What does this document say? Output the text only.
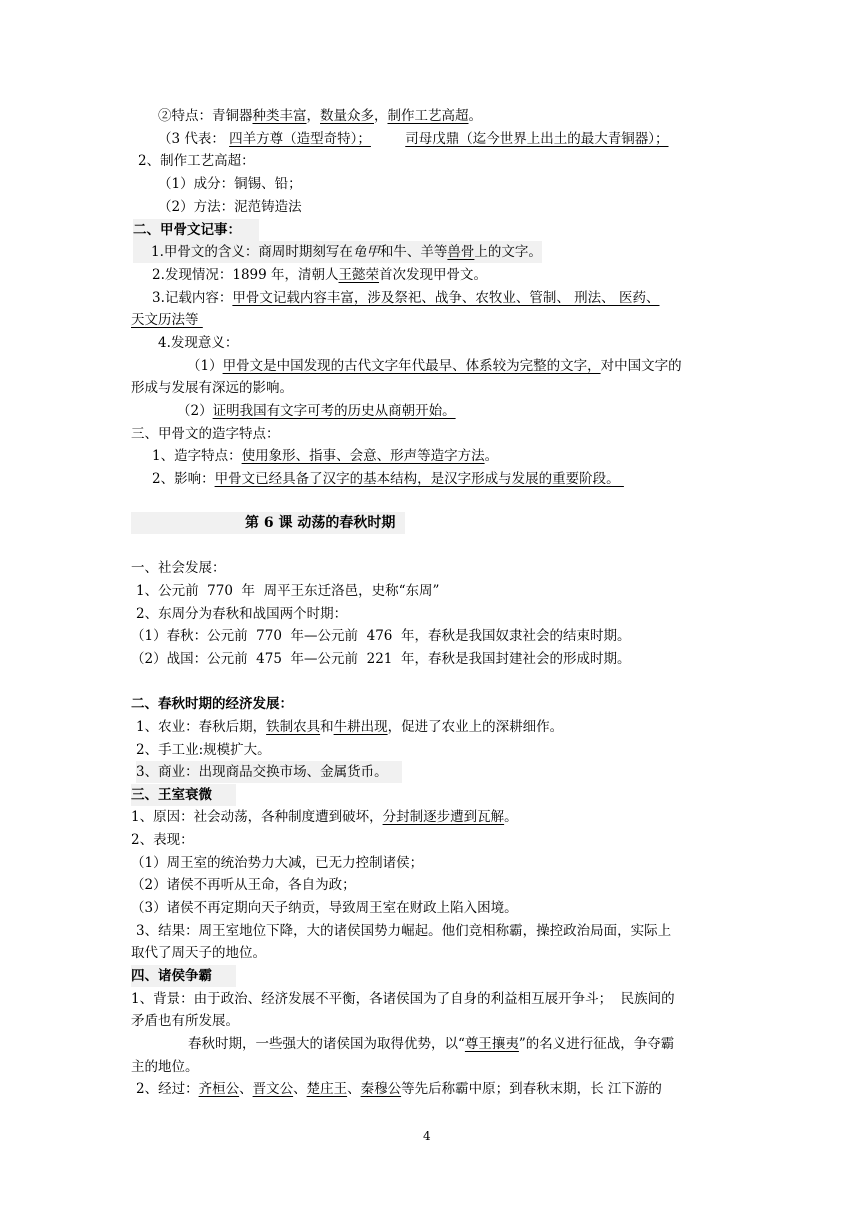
②特点：青铜器种类丰富，数量众多，制作工艺高超。
（3 代表： 四羊方尊（造型奇特）；	司母戊鼎（迄今世界上出土的最大青铜器）；
2、制作工艺高超：
（1）成分：铜锡、铅；
（2）方法：泥范铸造法
二、甲骨文记事：
1.甲骨文的含义：商周时期刻写在龟甲和牛、羊等兽骨上的文字。
2.发现情况：1899 年，清朝人王懿荣首次发现甲骨文。
3.记载内容：甲骨文记载内容丰富，涉及祭祀、战争、农牧业、管制、 刑法、 医药、
天文历法等
4.发现意义：
（1）甲骨文是中国发现的古代文字年代最早、体系较为完整的文字，对中国文字的
形成与发展有深远的影响。
（2）证明我国有文字可考的历史从商朝开始。
三、甲骨文的造字特点：
1、造字特点：使用象形、指事、会意、形声等造字方法。
2、影响：甲骨文已经具备了汉字的基本结构，是汉字形成与发展的重要阶段。
第 6 课 动荡的春秋时期
一、社会发展：
1、公元前  770  年  周平王东迁洛邑，史称“东周”
2、东周分为春秋和战国两个时期：
（1）春秋：公元前  770  年—公元前  476  年，春秋是我国奴隶社会的结束时期。
（2）战国：公元前  475  年—公元前  221  年，春秋是我国封建社会的形成时期。
二、春秋时期的经济发展：
1、农业：春秋后期，铁制农具和牛耕出现，促进了农业上的深耕细作。
2、手工业:规模扩大。
3、商业：出现商品交换市场、金属货币。
三、王室衰微
1、原因：社会动荡，各种制度遭到破坏，分封制逐步遭到瓦解。
2、表现：
（1）周王室的统治势力大减，已无力控制诸侯；
（2）诸侯不再听从王命，各自为政；
（3）诸侯不再定期向天子纳贡，导致周王室在财政上陷入困境。
3、结果：周王室地位下降，大的诸侯国势力崛起。他们竞相称霸，操控政治局面，实际上
取代了周天子的地位。
四、诸侯争霸
1、背景：由于政治、经济发展不平衡，各诸侯国为了自身的利益相互展开争斗；  民族间的
矛盾也有所发展。
春秋时期，一些强大的诸侯国为取得优势，以“尊王攘夷”的名义进行征战，争夺霸
主的地位。
2、经过：齐桓公、晋文公、楚庄王、秦穆公等先后称霸中原；到春秋末期，长 江下游的
4
